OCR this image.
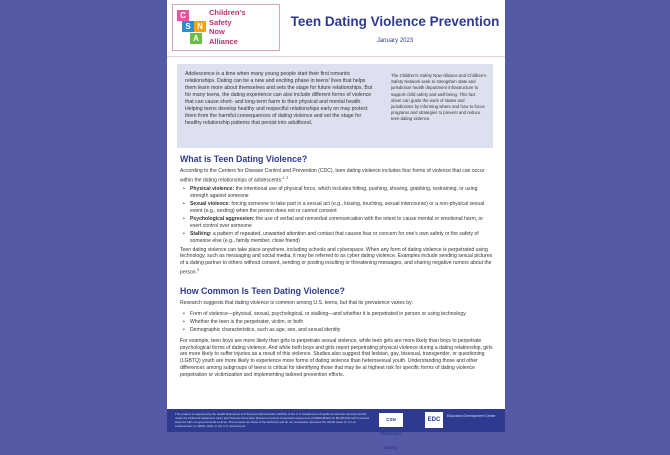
C
S N
A
Children's
Safety
Now
Alliance
Teen Dating Violence Prevention
January 2023
Adolescence is a time when many young people start their first romantic relationships. Dating can be a new and exciting phase in teens' lives that helps them learn more about themselves and sets the stage for future relationships. But for many teens, the dating experience can also include different forms of violence that can cause short- and long-term harm to their physical and mental health. Helping teens develop healthy and respectful relationships early on may protect them from the harmful consequences of dating violence and set the stage for healthy relationship patterns that persist into adulthood.
The Children's Safety Now Alliance and Children's Safety Network seek to strengthen state and jurisdiction health department infrastructure to support child safety and well-being. This fact sheet can guide the work of states and jurisdictions by informing where and how to focus programs and strategies to prevent and reduce teen dating violence.
What is Teen Dating Violence?
According to the Centers for Disease Control and Prevention (CDC), teen dating violence includes four forms of violence that can occur within the dating relationships of adolescents:$^{1, 2}$
• Physical violence: the intentional use of physical force, which includes hitting, pushing, shoving, grabbing, restraining, or using strength against someone
• Sexual violence: forcing someone to take part in a sexual act (e.g., kissing, touching, sexual intercourse) or a non-physical sexual event (e.g., sexting) when the person does not or cannot consent
• Psychological aggression: the use of verbal and nonverbal communication with the intent to cause mental or emotional harm, or exert control over someone
• Stalking: a pattern of repeated, unwanted attention and contact that causes fear or concern for one's own safety or the safety of someone else (e.g., family member, close friend)
Teen dating violence can take place anywhere, including schools and cyberspace. When any form of dating violence is perpetrated using technology, such as messaging and social media, it may be referred to as cyber dating violence. Examples include sending sexual pictures of a dating partner to others without consent, sending or posting insulting or threatening messages, and sharing negative rumors about the person.$^3$
How Common Is Teen Dating Violence?
Research suggests that dating violence is common among U.S. teens, but that its prevalence varies by:
• Form of violence—physical, sexual, psychological, or stalking—and whether it is perpetrated in person or using technology
• Whether the teen is the perpetrator, victim, or both
• Demographic characteristics, such as age, sex, and sexual identity
For example, teen boys are more likely than girls to perpetrate sexual violence, while teen girls are more likely than boys to perpetrate psychological forms of dating violence. And while both boys and girls report perpetrating physical violence during a dating relationship, girls are more likely to suffer injuries as a result of this violence. Studies also suggest that lesbian, gay, bisexual, transgender, or questioning (LGBTQ) youth are more likely to experience more forms of dating violence than heterosexual youth. Understanding those and other differences among subgroups of teens is critical for identifying those that may be at highest risk for specific forms of dating violence perpetration or victimization and implementing tailored prevention efforts.
This product is supported by the Health Resources and Services Administration (HRSA) of the U.S. Department of Health and Human Services (HHS) under the Child and Adolescent Injury and Violence Prevention Resource Centers Cooperative Agreement (U49MC28422) for $5,000,000 with 0 percent financed with non-governmental sources. The contents are those of the author(s) and do not necessarily represent the official views of, nor an endorsement, by HRSA, HHS, or the U.S. Government.
CSN Children's Safety
EDC
Education Development Center
